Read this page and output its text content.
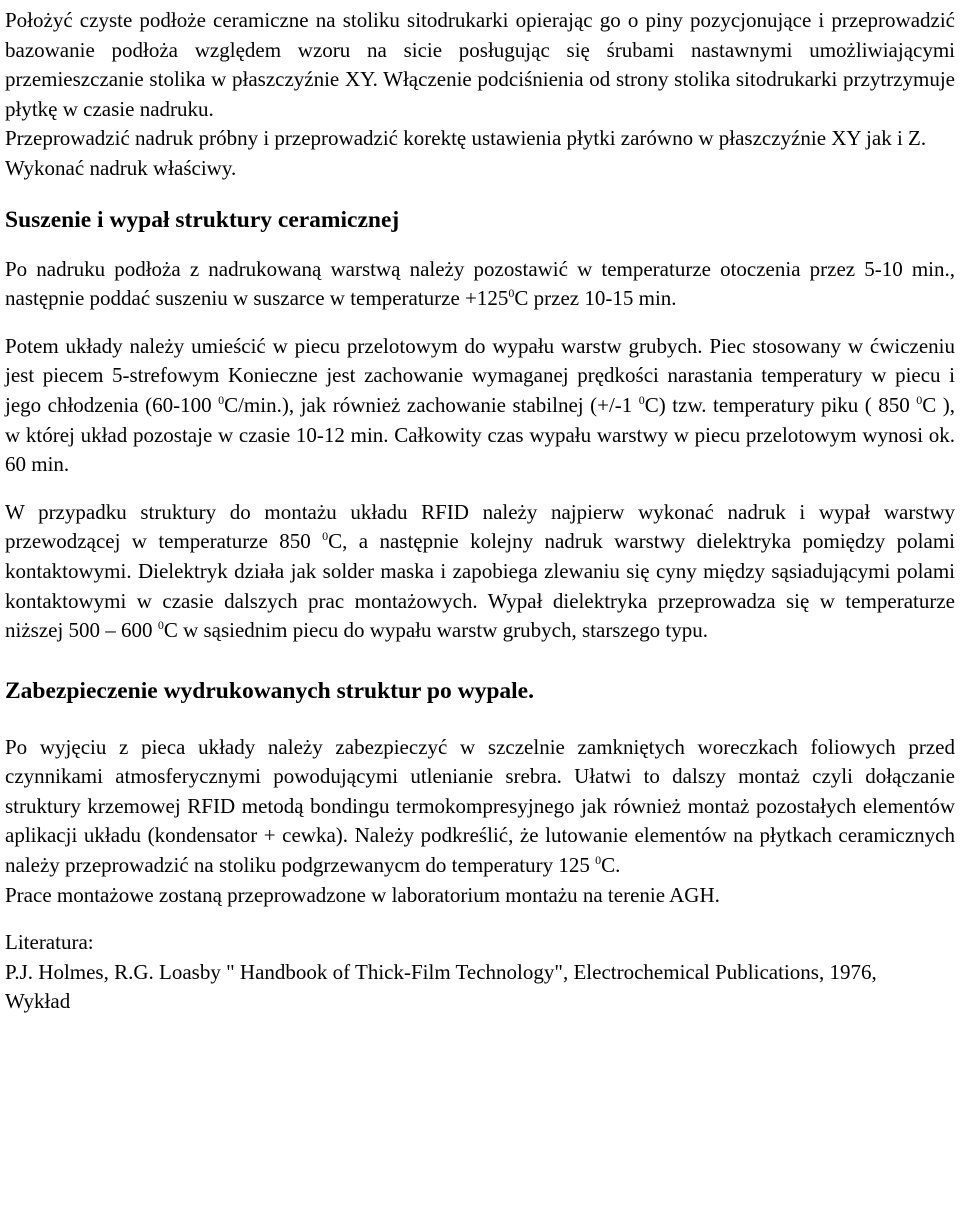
Położyć czyste podłoże ceramiczne na stoliku sitodrukarki opierając go o piny pozycjonujące i przeprowadzić bazowanie podłoża względem wzoru na sicie posługując się śrubami nastawnymi umożliwiającymi przemieszczanie stolika w płaszczyźnie XY. Włączenie podciśnienia od strony stolika sitodrukarki przytrzymuje płytkę w czasie nadruku.

Przeprowadzić nadruk próbny i przeprowadzić korektę ustawienia płytki zarówno w płaszczyźnie XY jak i Z.

Wykonać nadruk właściwy.

Suszenie i wypał struktury ceramicznej

Po nadruku podłoża z nadrukowaną warstwą należy pozostawić w temperaturze otoczenia przez 5-10 min., następnie poddać suszeniu w suszarce w temperaturze $+125^0C$ przez 10-15 min.

Potem układy należy umieścić w piecu przelotowym do wypału warstw grubych. Piec stosowany w ćwiczeniu jest piecem 5-strefowym Konieczne jest zachowanie wymaganej prędkości narastania temperatury w piecu i jego chłodzenia (60-100 $^0$C/min.), jak również zachowanie stabilnej (+/-1 $^0$C) tzw. temperatury piku ( 850 $^0$C ), w której układ pozostaje w czasie 10-12 min. Całkowity czas wypału warstwy w piecu przelotowym wynosi ok. 60 min.

W przypadku struktury do montażu układu RFID należy najpierw wykonać nadruk i wypał warstwy przewodzącej w temperaturze 850 $^0$C, a następnie kolejny nadruk warstwy dielektryka pomiędzy polami kontaktowymi. Dielektryk działa jak solder maska i zapobiega zlewaniu się cyny między sąsiadującymi polami kontaktowymi w czasie dalszych prac montażowych. Wypał dielektryka przeprowadza się w temperaturze niższej 500 – 600 $^0$C w sąsiednim piecu do wypału warstw grubych, starszego typu.

Zabezpieczenie wydrukowanych struktur po wypale.

Po wyjęciu z pieca układy należy zabezpieczyć w szczelnie zamkniętych woreczkach foliowych przed czynnikami atmosferycznymi powodującymi utlenianie srebra. Ułatwi to dalszy montaż czyli dołączanie struktury krzemowej RFID metodą bondingu termokompresyjnego jak również montaż pozostałych elementów aplikacji układu (kondensator + cewka). Należy podkreślić, że lutowanie elementów na płytkach ceramicznych należy przeprowadzić na stoliku podgrzewanycm do temperatury 125 $^0$C.

Prace montażowe zostaną przeprowadzone w laboratorium montażu na terenie AGH.

Literatura:

P.J. Holmes, R.G. Loasby " Handbook of Thick-Film Technology", Electrochemical Publications, 1976,

Wykład
